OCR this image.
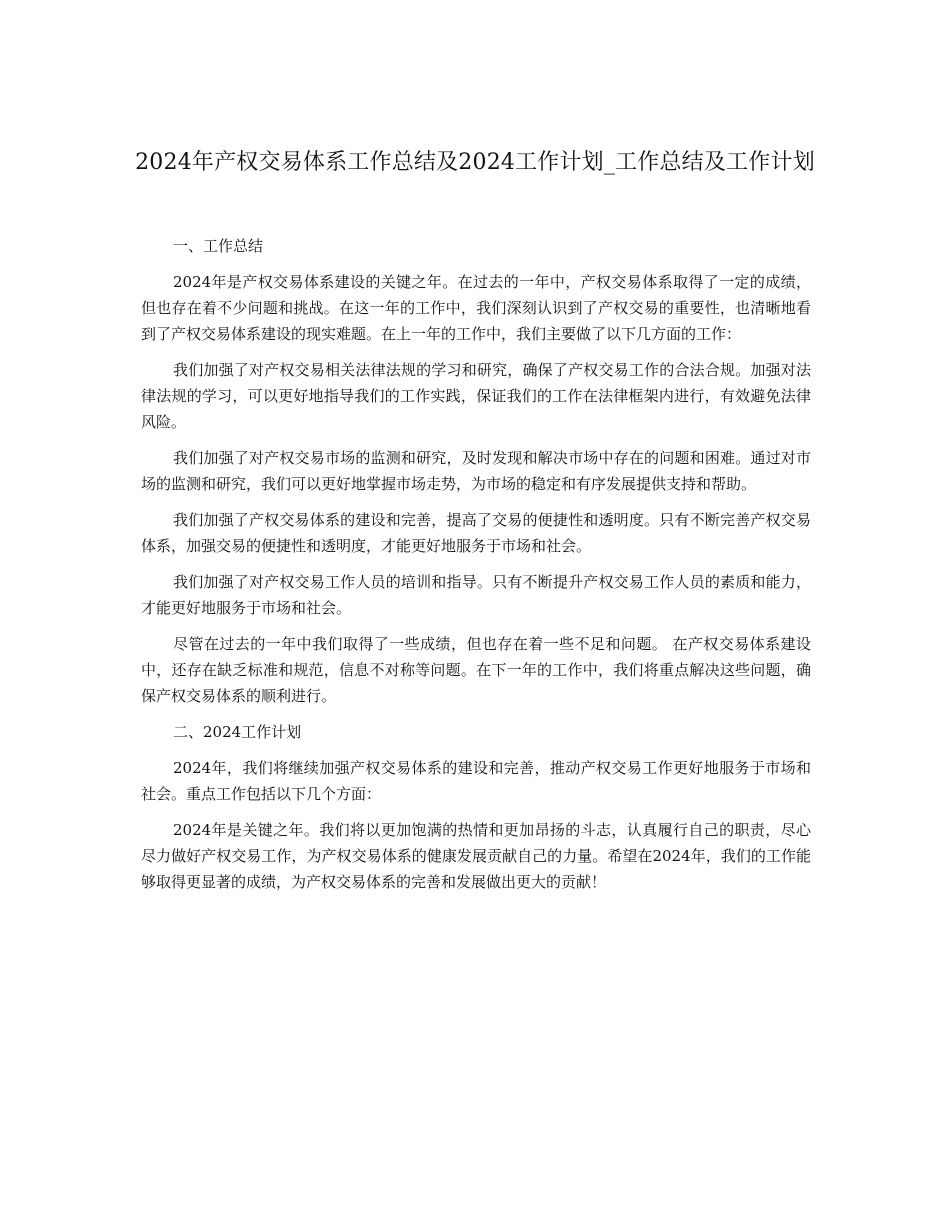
2024年产权交易体系工作总结及2024工作计划_工作总结及工作计划

一、工作总结

2024年是产权交易体系建设的关键之年。在过去的一年中，产权交易体系取得了一定的成绩，但也存在着不少问题和挑战。在这一年的工作中，我们深刻认识到了产权交易的重要性，也清晰地看到了产权交易体系建设的现实难题。在上一年的工作中，我们主要做了以下几方面的工作：

我们加强了对产权交易相关法律法规的学习和研究，确保了产权交易工作的合法合规。加强对法律法规的学习，可以更好地指导我们的工作实践，保证我们的工作在法律框架内进行，有效避免法律风险。

我们加强了对产权交易市场的监测和研究，及时发现和解决市场中存在的问题和困难。通过对市场的监测和研究，我们可以更好地掌握市场走势，为市场的稳定和有序发展提供支持和帮助。

我们加强了产权交易体系的建设和完善，提高了交易的便捷性和透明度。只有不断完善产权交易体系，加强交易的便捷性和透明度，才能更好地服务于市场和社会。

我们加强了对产权交易工作人员的培训和指导。只有不断提升产权交易工作人员的素质和能力，才能更好地服务于市场和社会。

尽管在过去的一年中我们取得了一些成绩，但也存在着一些不足和问题。 在产权交易体系建设中，还存在缺乏标准和规范，信息不对称等问题。在下一年的工作中，我们将重点解决这些问题，确保产权交易体系的顺利进行。

二、2024工作计划

2024年，我们将继续加强产权交易体系的建设和完善，推动产权交易工作更好地服务于市场和社会。重点工作包括以下几个方面：

2024年是关键之年。我们将以更加饱满的热情和更加昂扬的斗志，认真履行自己的职责，尽心尽力做好产权交易工作，为产权交易体系的健康发展贡献自己的力量。希望在2024年，我们的工作能够取得更显著的成绩，为产权交易体系的完善和发展做出更大的贡献！
